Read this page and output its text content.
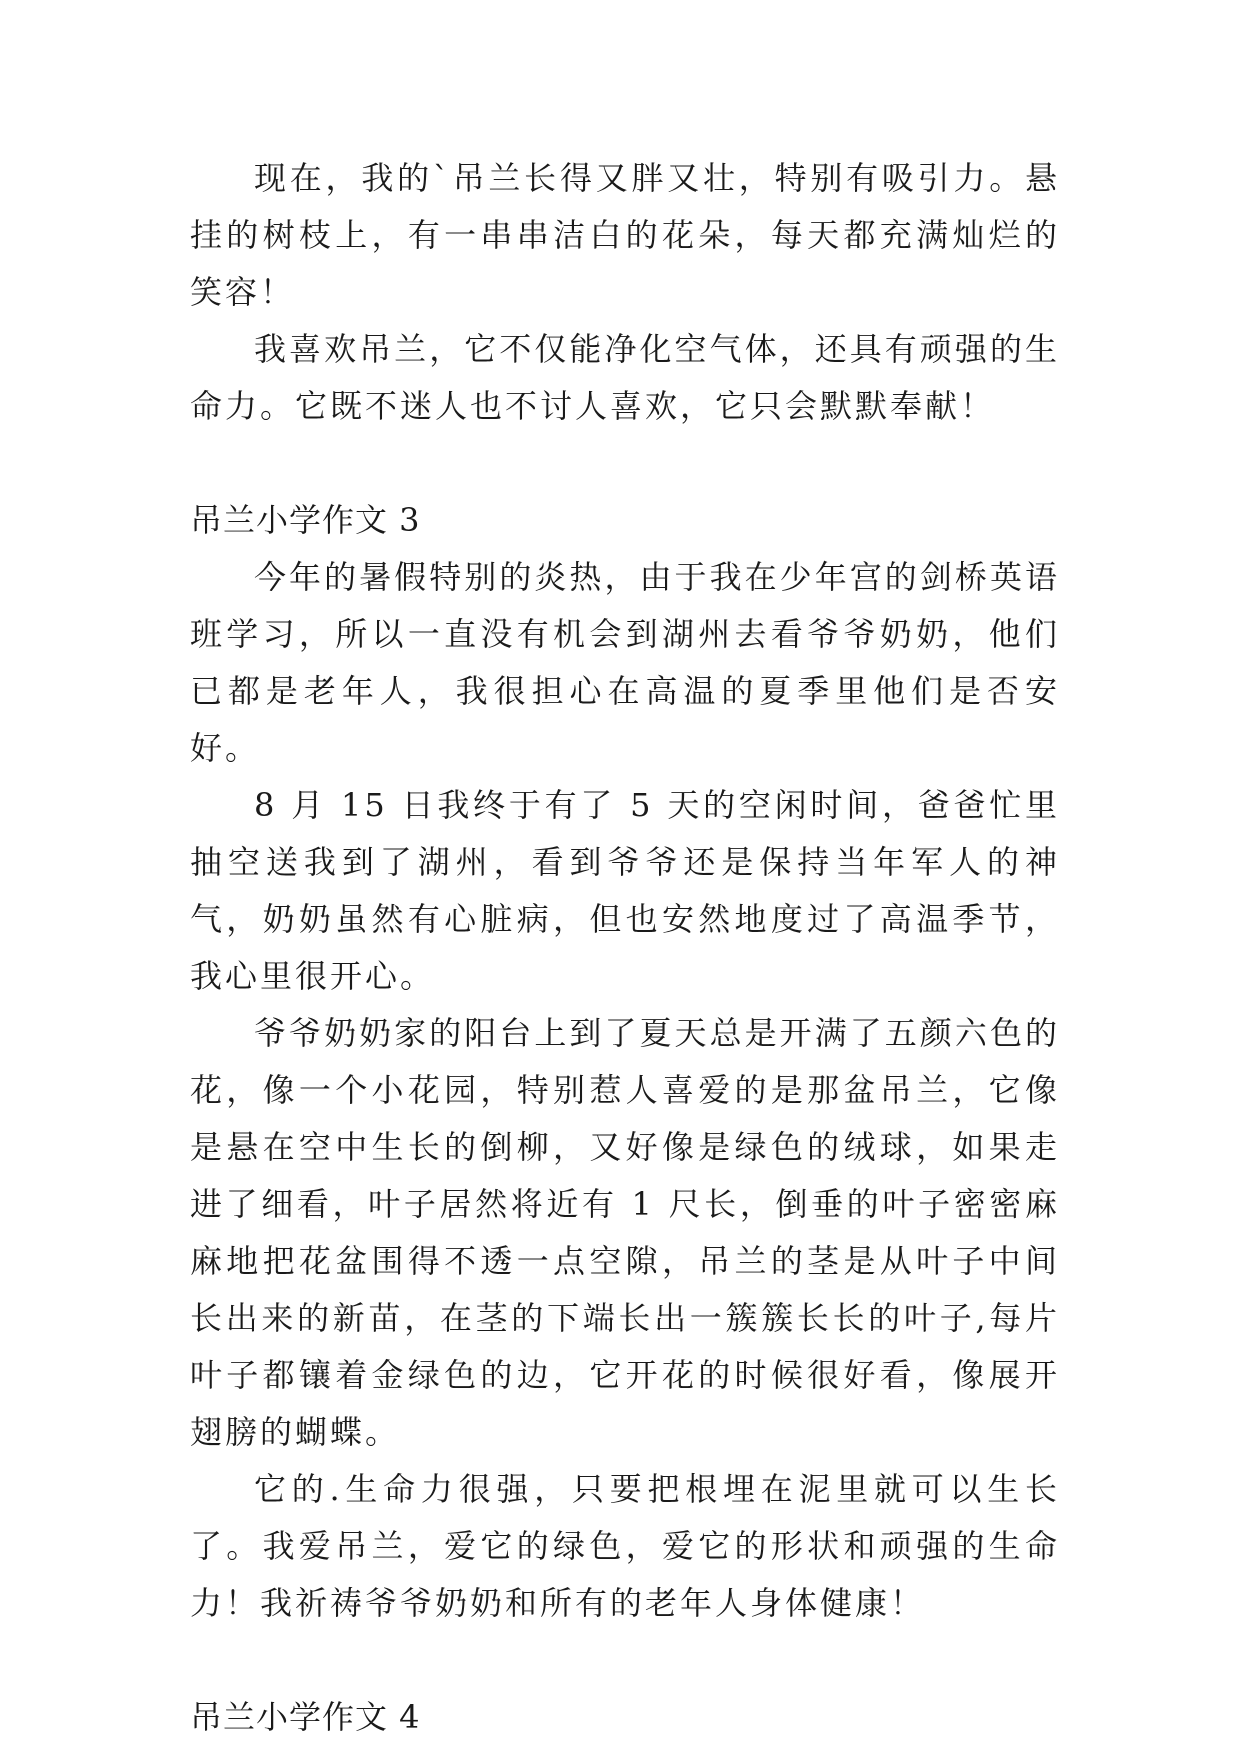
现在，我的`吊兰长得又胖又壮，特别有吸引力。悬挂的树枝上，有一串串洁白的花朵，每天都充满灿烂的笑容！

我喜欢吊兰，它不仅能净化空气体，还具有顽强的生命力。它既不迷人也不讨人喜欢，它只会默默奉献！

吊兰小学作文 3

今年的暑假特别的炎热，由于我在少年宫的剑桥英语班学习，所以一直没有机会到湖州去看爷爷奶奶，他们已都是老年人，我很担心在高温的夏季里他们是否安好。

8 月 15 日我终于有了 5 天的空闲时间，爸爸忙里抽空送我到了湖州，看到爷爷还是保持当年军人的神气，奶奶虽然有心脏病，但也安然地度过了高温季节，我心里很开心。

爷爷奶奶家的阳台上到了夏天总是开满了五颜六色的花，像一个小花园，特别惹人喜爱的是那盆吊兰，它像是悬在空中生长的倒柳，又好像是绿色的绒球，如果走进了细看，叶子居然将近有 1 尺长，倒垂的叶子密密麻麻地把花盆围得不透一点空隙，吊兰的茎是从叶子中间长出来的新苗，在茎的下端长出一簇簇长长的叶子,每片叶子都镶着金绿色的边，它开花的时候很好看，像展开翅膀的蝴蝶。

它的.生命力很强，只要把根埋在泥里就可以生长了。我爱吊兰，爱它的绿色，爱它的形状和顽强的生命力！我祈祷爷爷奶奶和所有的老年人身体健康！

吊兰小学作文 4
